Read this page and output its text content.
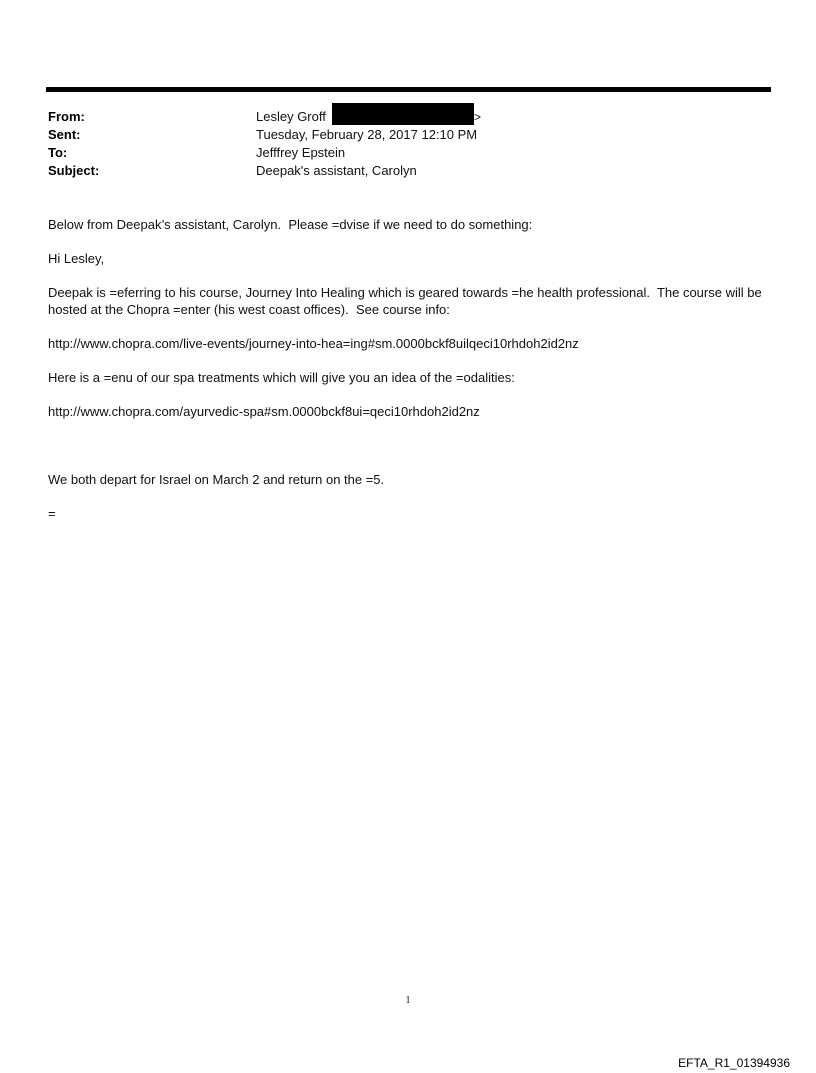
From:	Lesley Groff	>
Sent:	Tuesday, February 28, 2017 12:10 PM
To:	Jefffrey Epstein
Subject:	Deepak's assistant, Carolyn

Below from Deepak’s assistant, Carolyn.  Please =dvise if we need to do something:

Hi Lesley,

Deepak is =eferring to his course, Journey Into Healing which is geared towards =he health professional.  The course will be hosted at the Chopra =enter (his west coast offices).  See course info:

http://www.chopra.com/live-events/journey-into-hea=ing#sm.0000bckf8uilqeci10rhdoh2id2nz

Here is a =enu of our spa treatments which will give you an idea of the =odalities:

http://www.chopra.com/ayurvedic-spa#sm.0000bckf8ui=qeci10rhdoh2id2nz

We both depart for Israel on March 2 and return on the =5.

=

1
EFTA_R1_01394936
